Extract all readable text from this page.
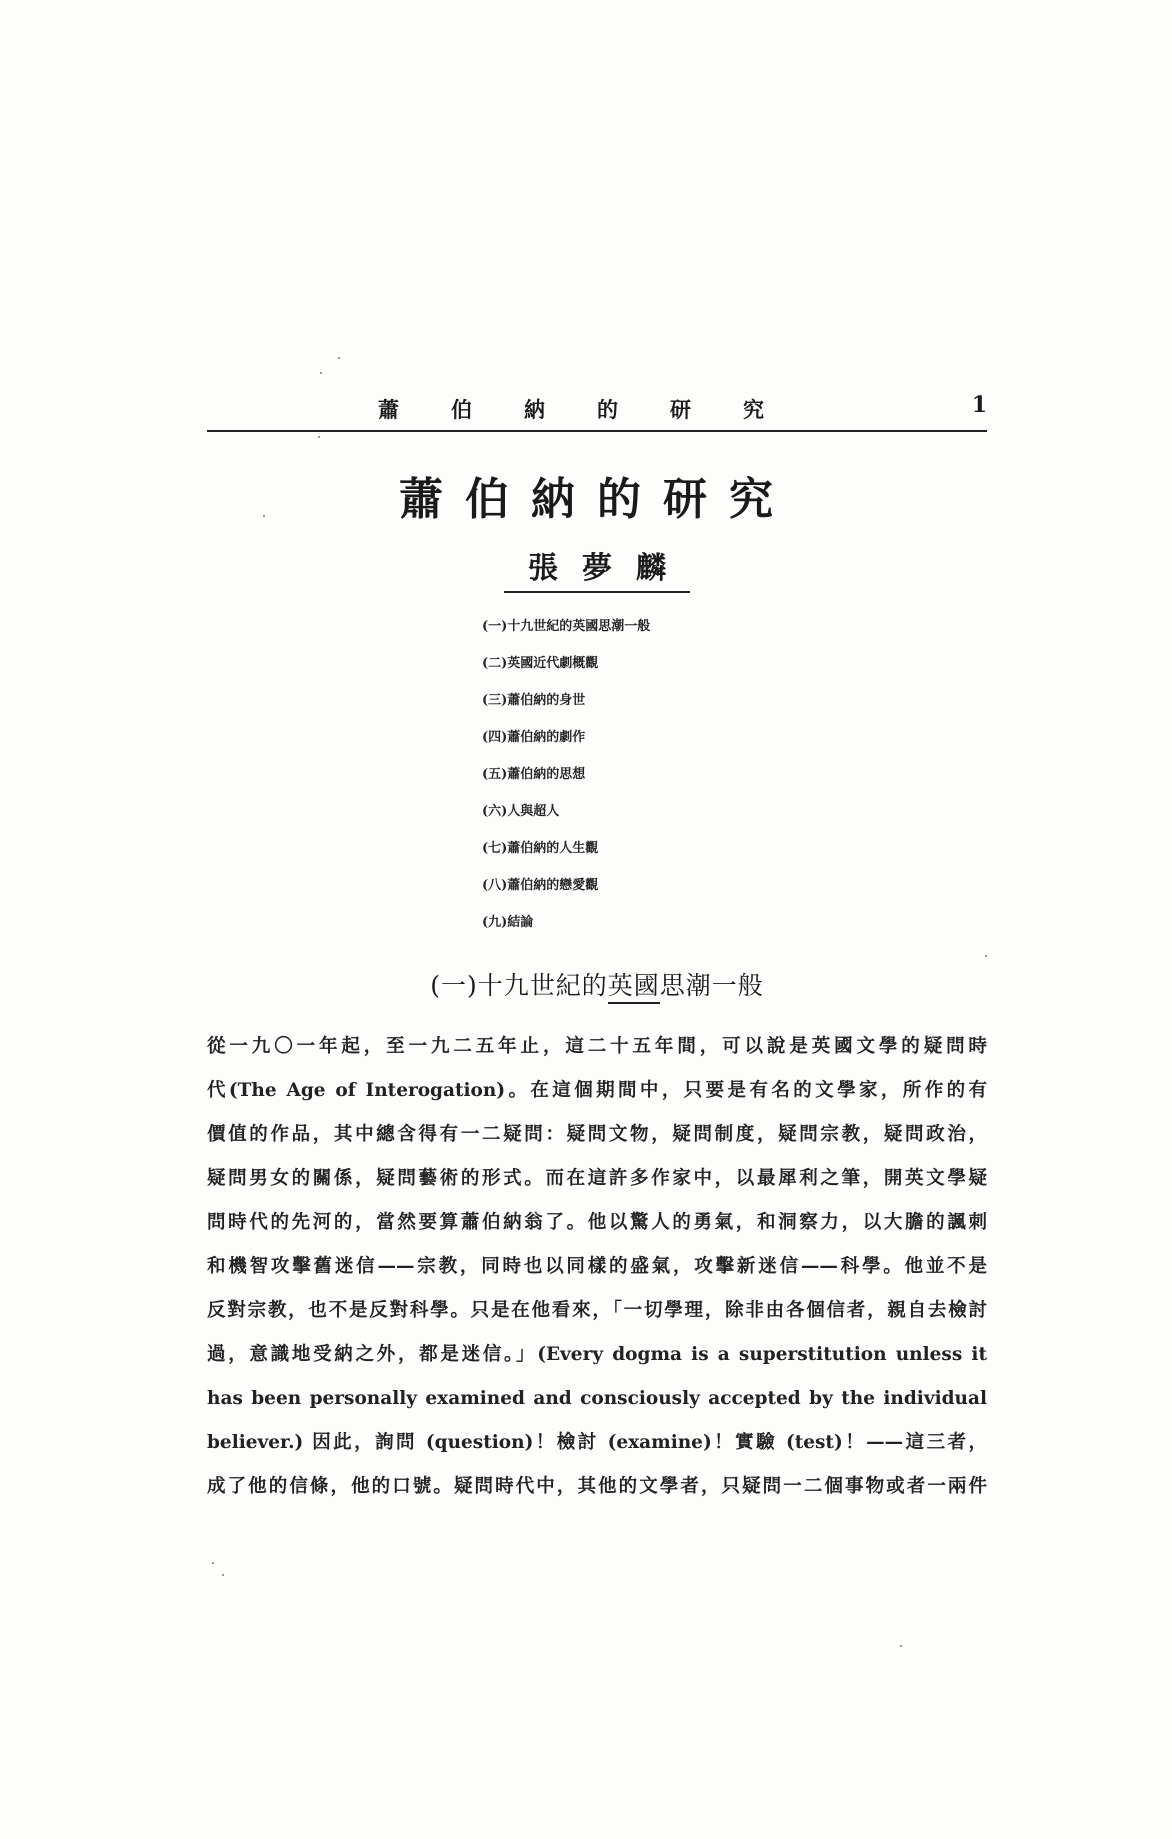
蕭伯納的研究	1
蕭伯納的研究
張夢麟
(一)十九世紀的英國思潮一般
(二)英國近代劇概觀
(三)蕭伯納的身世
(四)蕭伯納的劇作
(五)蕭伯納的思想
(六)人與超人
(七)蕭伯納的人生觀
(八)蕭伯納的戀愛觀
(九)結論
(一)十九世紀的英國思潮一般
從一九〇一年起，至一九二五年止，這二十五年間，可以說是英國文學的疑問時
代(The Age of Interogation)。在這個期間中，只要是有名的文學家，所作的有
價值的作品，其中總含得有一二疑問：疑問文物，疑問制度，疑問宗教，疑問政治，
疑問男女的關係，疑問藝術的形式。而在這許多作家中，以最犀利之筆，開英文學疑
問時代的先河的，當然要算蕭伯納翁了。他以驚人的勇氣，和洞察力，以大膽的諷刺
和機智攻擊舊迷信——宗教，同時也以同樣的盛氣，攻擊新迷信——科學。他並不是
反對宗教，也不是反對科學。只是在他看來，「一切學理，除非由各個信者，親自去檢討
過，意識地受納之外，都是迷信。」(Every dogma is a superstitution unless it
has been personally examined and consciously accepted by the individual
believer.) 因此，詢問 (question)！檢討 (examine)！實驗 (test)！——這三者，
成了他的信條，他的口號。疑問時代中，其他的文學者，只疑問一二個事物或者一兩件
